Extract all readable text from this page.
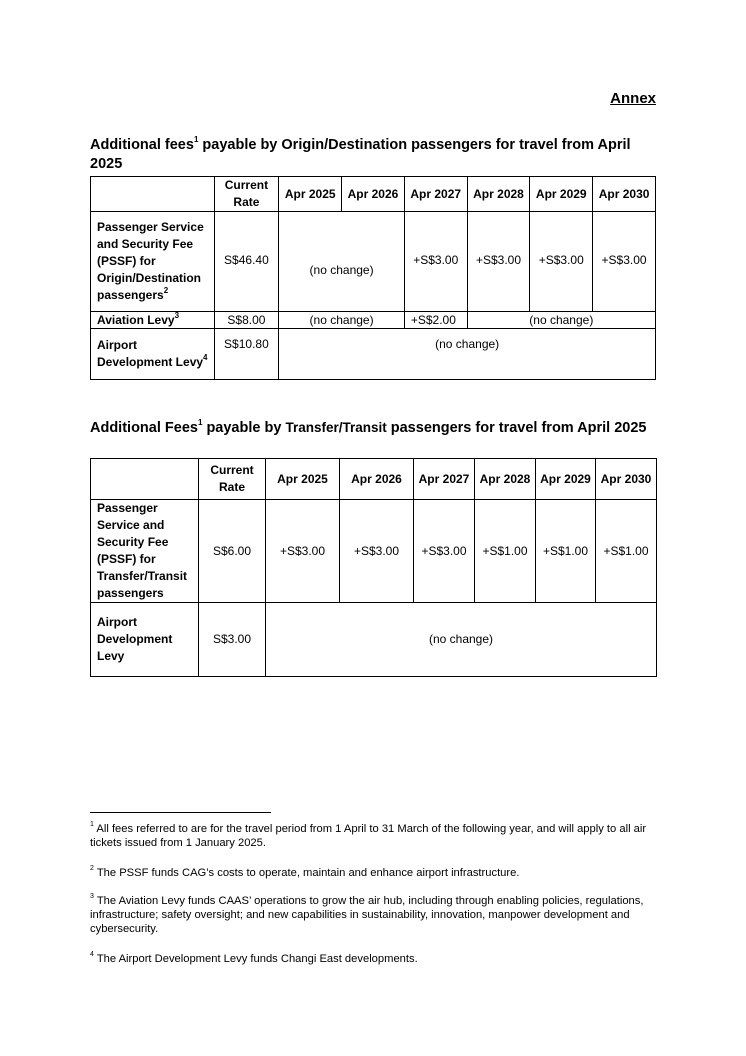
Annex
Additional fees$^1$ payable by Origin/Destination passengers for travel from April 2025
	Current Rate	Apr 2025	Apr 2026	Apr 2027	Apr 2028	Apr 2029	Apr 2030
Passenger Service and Security Fee (PSSF) for Origin/Destination passengers$^2$	S$46.40	(no change)		+S$3.00	+S$3.00	+S$3.00	+S$3.00
Aviation Levy$^3$	S$8.00	(no change)		+S$2.00	(no change)		
Airport Development Levy$^4$	S$10.80	(no change)					
Additional Fees$^1$ payable by Transfer/Transit passengers for travel from April 2025
	Current Rate	Apr 2025	Apr 2026	Apr 2027	Apr 2028	Apr 2029	Apr 2030
Passenger Service and Security Fee (PSSF) for Transfer/Transit passengers	S$6.00	+S$3.00	+S$3.00	+S$3.00	+S$1.00	+S$1.00	+S$1.00
Airport Development Levy	S$3.00	(no change)					
$^1$ All fees referred to are for the travel period from 1 April to 31 March of the following year, and will apply to all air tickets issued from 1 January 2025.
$^2$ The PSSF funds CAG’s costs to operate, maintain and enhance airport infrastructure.
$^3$ The Aviation Levy funds CAAS’ operations to grow the air hub, including through enabling policies, regulations, infrastructure; safety oversight; and new capabilities in sustainability, innovation, manpower development and cybersecurity.
$^4$ The Airport Development Levy funds Changi East developments.
